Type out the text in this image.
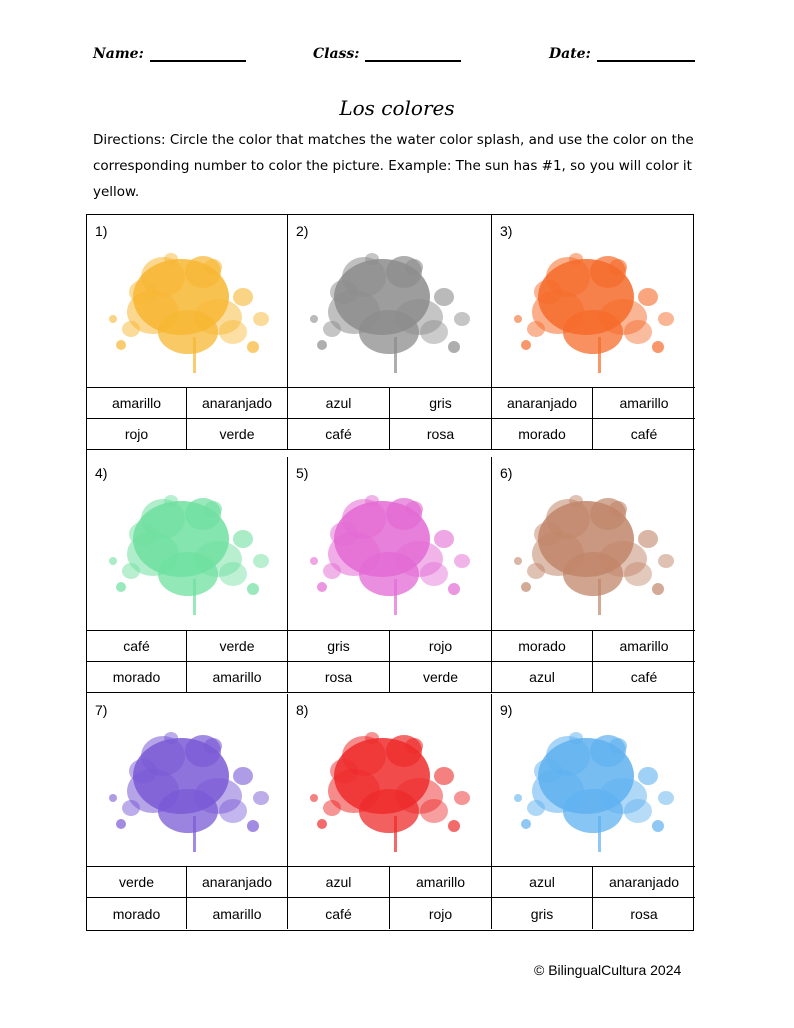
Name:	Class:	Date:
Los colores
Directions: Circle the color that matches the water color splash, and use the color on the corresponding number to color the picture. Example: The sun has #1, so you will color it yellow.
1)
amarillo	anaranjado
rojo	verde
2)
azul	gris
café	rosa
3)
anaranjado	amarillo
morado	café
4)
café	verde
morado	amarillo
5)
gris	rojo
rosa	verde
6)
morado	amarillo
azul	café
7)
verde	anaranjado
morado	amarillo
8)
azul	amarillo
café	rojo
9)
azul	anaranjado
gris	rosa
© BilingualCultura 2024
